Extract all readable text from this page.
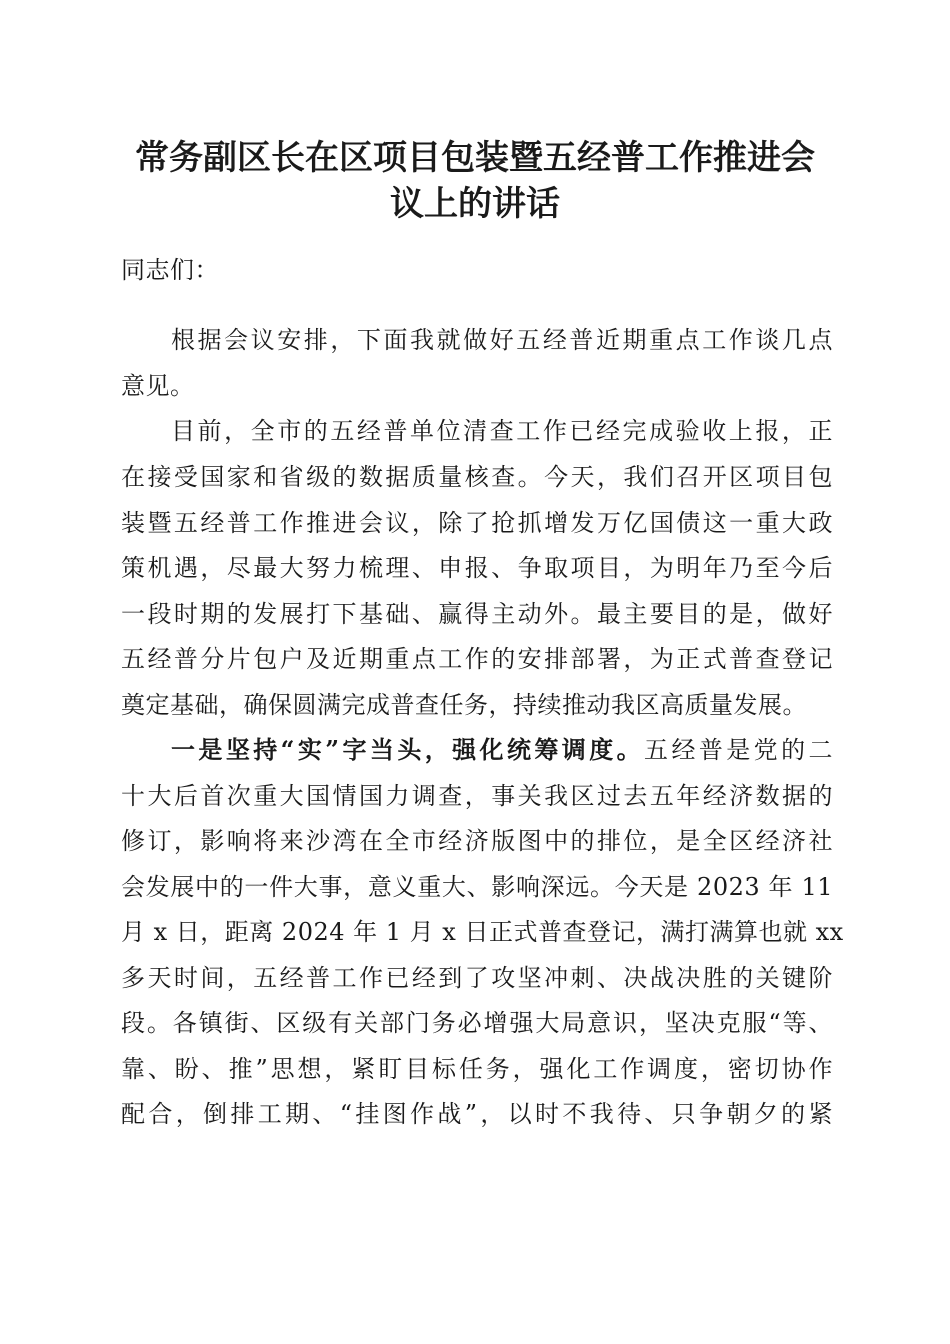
常务副区长在区项目包装暨五经普工作推进会
议上的讲话
同志们：
根据会议安排，下面我就做好五经普近期重点工作谈几点
意见。
目前，全市的五经普单位清查工作已经完成验收上报，正
在接受国家和省级的数据质量核查。今天，我们召开区项目包
装暨五经普工作推进会议，除了抢抓增发万亿国债这一重大政
策机遇，尽最大努力梳理、申报、争取项目，为明年乃至今后
一段时期的发展打下基础、赢得主动外。最主要目的是，做好
五经普分片包户及近期重点工作的安排部署，为正式普查登记
奠定基础，确保圆满完成普查任务，持续推动我区高质量发展。
一是坚持“实”字当头，强化统筹调度。五经普是党的二
十大后首次重大国情国力调查，事关我区过去五年经济数据的
修订，影响将来沙湾在全市经济版图中的排位，是全区经济社
会发展中的一件大事，意义重大、影响深远。今天是 2023 年 11
月 x 日，距离 2024 年 1 月 x 日正式普查登记，满打满算也就 xx
多天时间，五经普工作已经到了攻坚冲刺、决战决胜的关键阶
段。各镇街、区级有关部门务必增强大局意识，坚决克服“等、
靠、盼、推”思想，紧盯目标任务，强化工作调度，密切协作
配合，倒排工期、“挂图作战”，以时不我待、只争朝夕的紧
